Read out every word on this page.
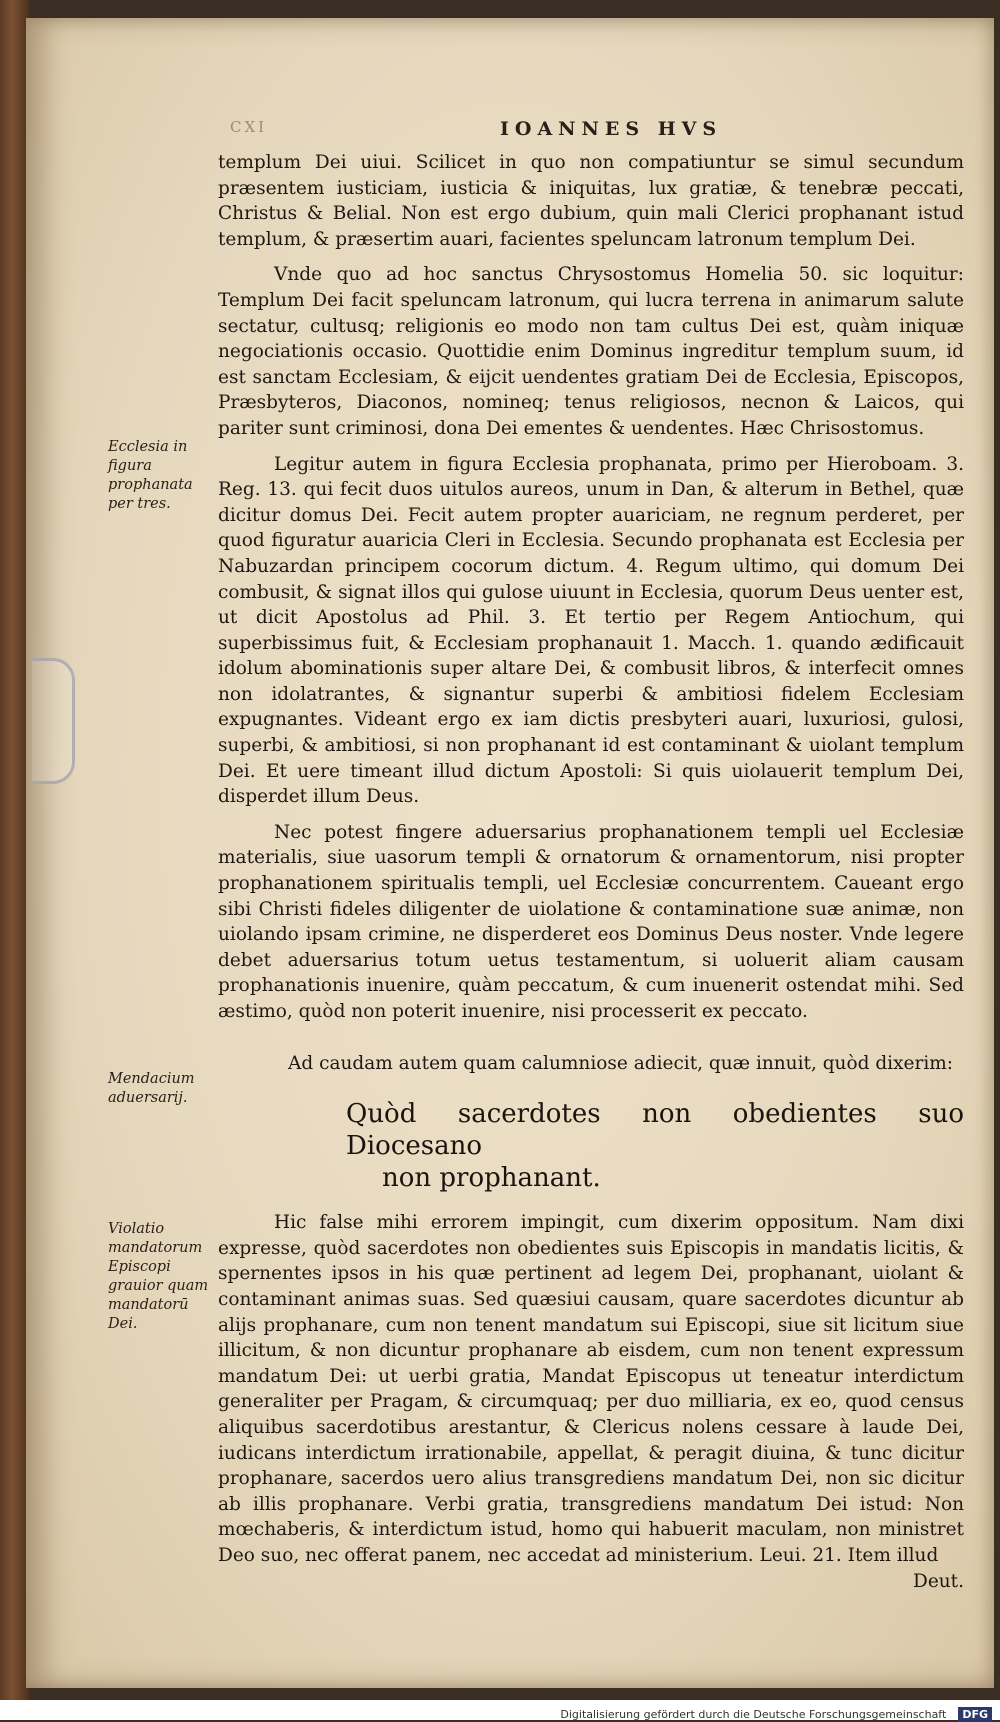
CXI	IOANNES HVS
Ecclesia in figura prophanata per tres.
Mendacium aduersarij.
Violatio mandatorum Episcopi grauior quam mandatorū Dei.

templum Dei uiui. Scilicet in quo non compatiuntur se simul secundum præsentem iusticiam, iusticia & iniquitas, lux gratiæ, & tenebræ peccati, Christus & Belial. Non est ergo dubium, quin mali Clerici prophanant istud templum, & præsertim auari, facientes speluncam latronum templum Dei.

Vnde quo ad hoc sanctus Chrysostomus Homelia 50. sic loquitur: Templum Dei facit speluncam latronum, qui lucra terrena in animarum salute sectatur, cultusq; religionis eo modo non tam cultus Dei est, quàm iniquæ negociationis occasio. Quottidie enim Dominus ingreditur templum suum, id est sanctam Ecclesiam, & eijcit uendentes gratiam Dei de Ecclesia, Episcopos, Præsbyteros, Diaconos, nomineq; tenus religiosos, necnon & Laicos, qui pariter sunt criminosi, dona Dei ementes & uendentes. Hæc Chrisostomus.

Legitur autem in figura Ecclesia prophanata, primo per Hieroboam. 3. Reg. 13. qui fecit duos uitulos aureos, unum in Dan, & alterum in Bethel, quæ dicitur domus Dei. Fecit autem propter auariciam, ne regnum perderet, per quod figuratur auaricia Cleri in Ecclesia. Secundo prophanata est Ecclesia per Nabuzardan principem cocorum dictum. 4. Regum ultimo, qui domum Dei combusit, & signat illos qui gulose uiuunt in Ecclesia, quorum Deus uenter est, ut dicit Apostolus ad Phil. 3. Et tertio per Regem Antiochum, qui superbissimus fuit, & Ecclesiam prophanauit 1. Macch. 1. quando ædificauit idolum abominationis super altare Dei, & combusit libros, & interfecit omnes non idolatrantes, & signantur superbi & ambitiosi fidelem Ecclesiam expugnantes. Videant ergo ex iam dictis presbyteri auari, luxuriosi, gulosi, superbi, & ambitiosi, si non prophanant id est contaminant & uiolant templum Dei. Et uere timeant illud dictum Apostoli: Si quis uiolauerit templum Dei, disperdet illum Deus.

Nec potest fingere aduersarius prophanationem templi uel Ecclesiæ materialis, siue uasorum templi & ornatorum & ornamentorum, nisi propter prophanationem spiritualis templi, uel Ecclesiæ concurrentem. Caueant ergo sibi Christi fideles diligenter de uiolatione & contaminatione suæ animæ, non uiolando ipsam crimine, ne disperderet eos Dominus Deus noster. Vnde legere debet aduersarius totum uetus testamentum, si uoluerit aliam causam prophanationis inuenire, quàm peccatum, & cum inuenerit ostendat mihi. Sed æstimo, quòd non poterit inuenire, nisi processerit ex peccato.

Ad caudam autem quam calumniose adiecit, quæ innuit, quòd dixerim:

Quòd sacerdotes non obedientes suo Diocesano
non prophanant.

Hic false mihi errorem impingit, cum dixerim oppositum. Nam dixi expresse, quòd sacerdotes non obedientes suis Episcopis in mandatis licitis, & spernentes ipsos in his quæ pertinent ad legem Dei, prophanant, uiolant & contaminant animas suas. Sed quæsiui causam, quare sacerdotes dicuntur ab alijs prophanare, cum non tenent mandatum sui Episcopi, siue sit licitum siue illicitum, & non dicuntur prophanare ab eisdem, cum non tenent expressum mandatum Dei: ut uerbi gratia, Mandat Episcopus ut teneatur interdictum generaliter per Pragam, & circumquaq; per duo milliaria, ex eo, quod census aliquibus sacerdotibus arestantur, & Clericus nolens cessare à laude Dei, iudicans interdictum irrationabile, appellat, & peragit diuina, & tunc dicitur prophanare, sacerdos uero alius transgrediens mandatum Dei, non sic dicitur ab illis prophanare. Verbi gratia, transgrediens mandatum Dei istud: Non mœchaberis, & interdictum istud, homo qui habuerit maculam, non ministret Deo suo, nec offerat panem, nec accedat ad ministerium. Leui. 21. Item illud

Deut.

Digitalisierung gefördert durch die Deutsche Forschungsgemeinschaft DFG
